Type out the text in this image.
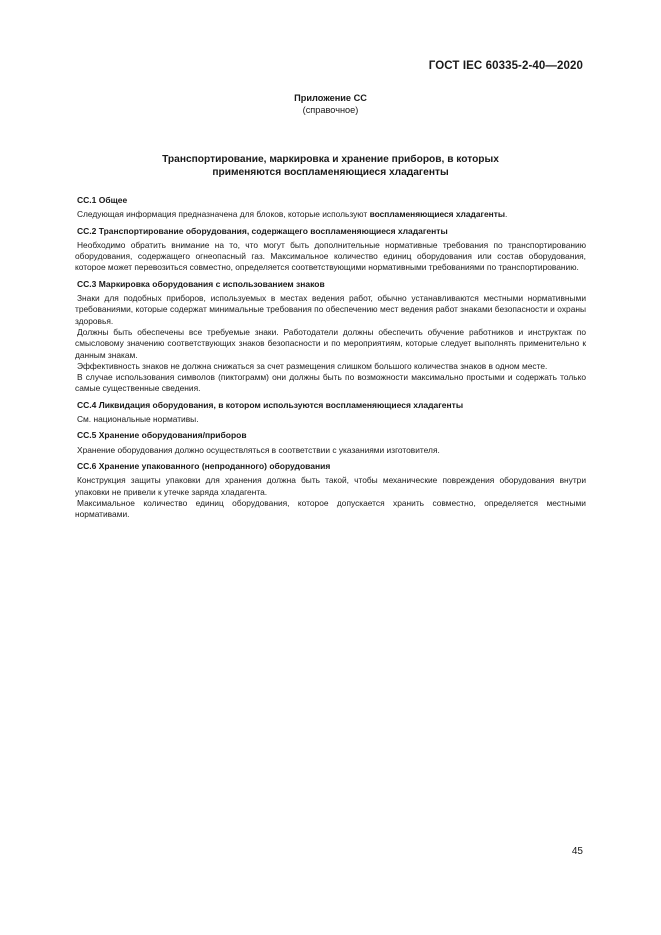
ГОСТ IEC 60335-2-40—2020
Приложение СС
(справочное)
Транспортирование, маркировка и хранение приборов, в которых
применяются воспламеняющиеся хладагенты

СС.1 Общее

Следующая информация предназначена для блоков, которые используют воспламеняющиеся хладагенты.

СС.2 Транспортирование оборудования, содержащего воспламеняющиеся хладагенты

Необходимо обратить внимание на то, что могут быть дополнительные нормативные требования по транспортированию оборудования, содержащего огнеопасный газ. Максимальное количество единиц оборудования или состав оборудования, которое может перевозиться совместно, определяется соответствующими нормативными требованиями по транспортированию.

СС.3 Маркировка оборудования с использованием знаков

Знаки для подобных приборов, используемых в местах ведения работ, обычно устанавливаются местными нормативными требованиями, которые содержат минимальные требования по обеспечению мест ведения работ знаками безопасности и охраны здоровья.

Должны быть обеспечены все требуемые знаки. Работодатели должны обеспечить обучение работников и инструктаж по смысловому значению соответствующих знаков безопасности и по мероприятиям, которые следует выполнять применительно к данным знакам.

Эффективность знаков не должна снижаться за счет размещения слишком большого количества знаков в одном месте.

В случае использования символов (пиктограмм) они должны быть по возможности максимально простыми и содержать только самые существенные сведения.

СС.4 Ликвидация оборудования, в котором используются воспламеняющиеся хладагенты

См. национальные нормативы.

СС.5 Хранение оборудования/приборов

Хранение оборудования должно осуществляться в соответствии с указаниями изготовителя.

СС.6 Хранение упакованного (непроданного) оборудования

Конструкция защиты упаковки для хранения должна быть такой, чтобы механические повреждения оборудования внутри упаковки не привели к утечке заряда хладагента.

Максимальное количество единиц оборудования, которое допускается хранить совместно, определяется местными нормативами.

45
